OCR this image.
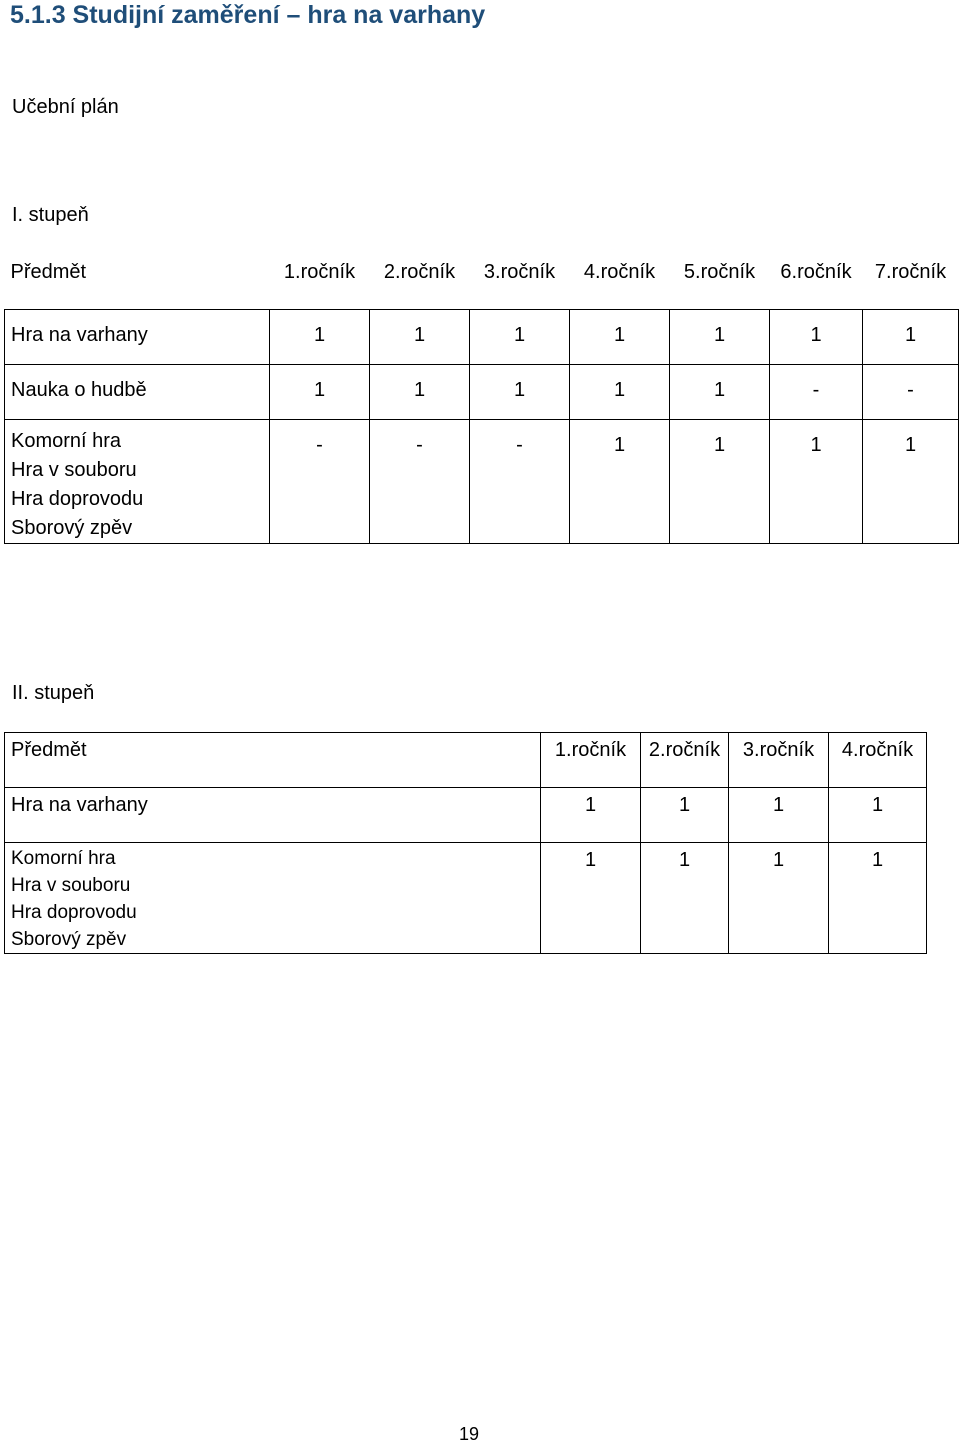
5.1.3 Studijní zaměření – hra na varhany
Učební plán
I. stupeň
Předmět	1.ročník	2.ročník	3.ročník	4.ročník	5.ročník	6.ročník	7.ročník

Hra na varhany	1	1	1	1	1	1	1

Nauka o hudbě	1	1	1	1	1	-	-

Komorní hra
Hra v souboru
Hra doprovodu
Sborový zpěv	-	-	-	1	1	1	1
II. stupeň
Předmět	1.ročník	2.ročník	3.ročník	4.ročník

Hra na varhany	1	1	1	1

Komorní hra
Hra v souboru
Hra doprovodu
Sborový zpěv	1	1	1	1
19
